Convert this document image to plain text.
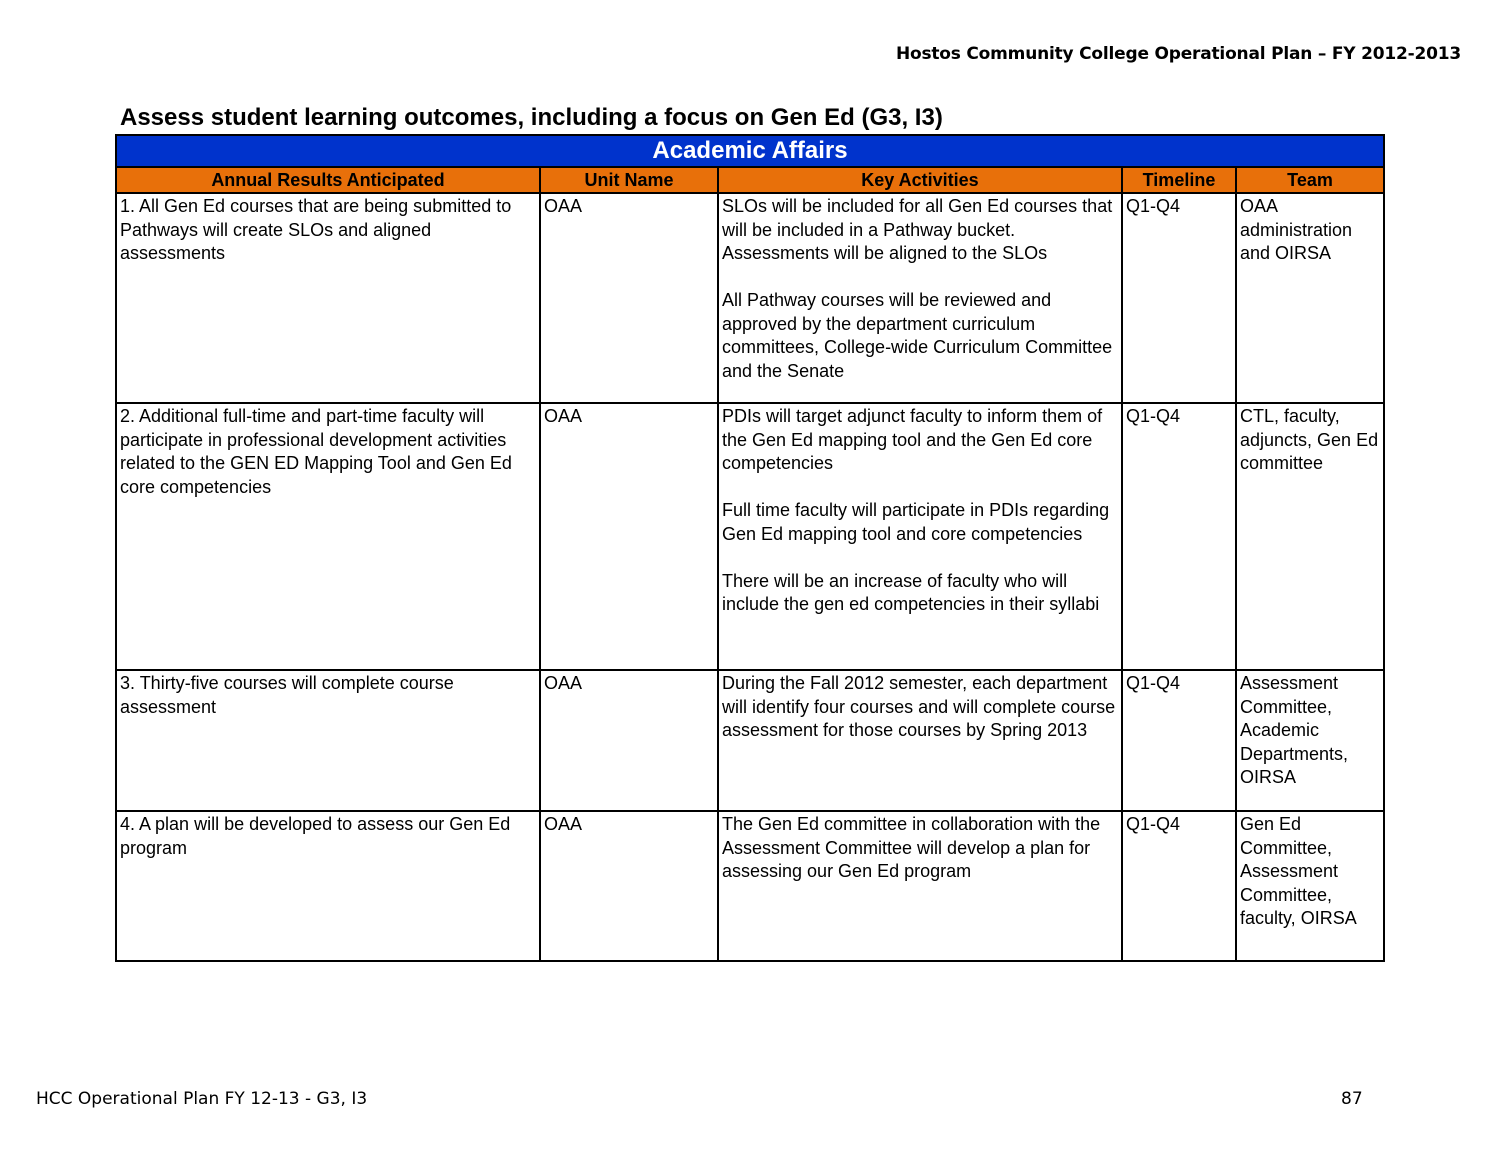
Hostos Community College Operational Plan – FY 2012-2013
Assess student learning outcomes, including a focus on Gen Ed (G3, I3)
Academic Affairs				
Annual Results Anticipated	Unit Name	Key Activities	Timeline	Team
1. All Gen Ed courses that are being submitted to Pathways will create SLOs and aligned assessments	OAA	SLOs will be included for all Gen Ed courses that will be included in a Pathway bucket. Assessments will be aligned to the SLOs

All Pathway courses will be reviewed and approved by the department curriculum committees, College-wide Curriculum Committee and the Senate	Q1-Q4	OAA administration and OIRSA
2. Additional full-time and part-time faculty will participate in professional development activities related to the GEN ED Mapping Tool and Gen Ed core competencies	OAA	PDIs will target adjunct faculty to inform them of the Gen Ed mapping tool and the Gen Ed core competencies

Full time faculty will participate in PDIs regarding Gen Ed mapping tool and core competencies

There will be an increase of faculty who will include the gen ed competencies in their syllabi	Q1-Q4	CTL, faculty, adjuncts, Gen Ed committee
3. Thirty-five courses will complete course assessment	OAA	During the Fall 2012 semester, each department will identify four courses and will complete course assessment for those courses by Spring 2013	Q1-Q4	Assessment Committee, Academic Departments, OIRSA
4. A plan will be developed to assess our Gen Ed program	OAA	The Gen Ed committee in collaboration with the Assessment Committee will develop a plan for assessing our Gen Ed program	Q1-Q4	Gen Ed Committee, Assessment Committee, faculty, OIRSA
HCC Operational Plan FY 12-13 - G3, I3	87
